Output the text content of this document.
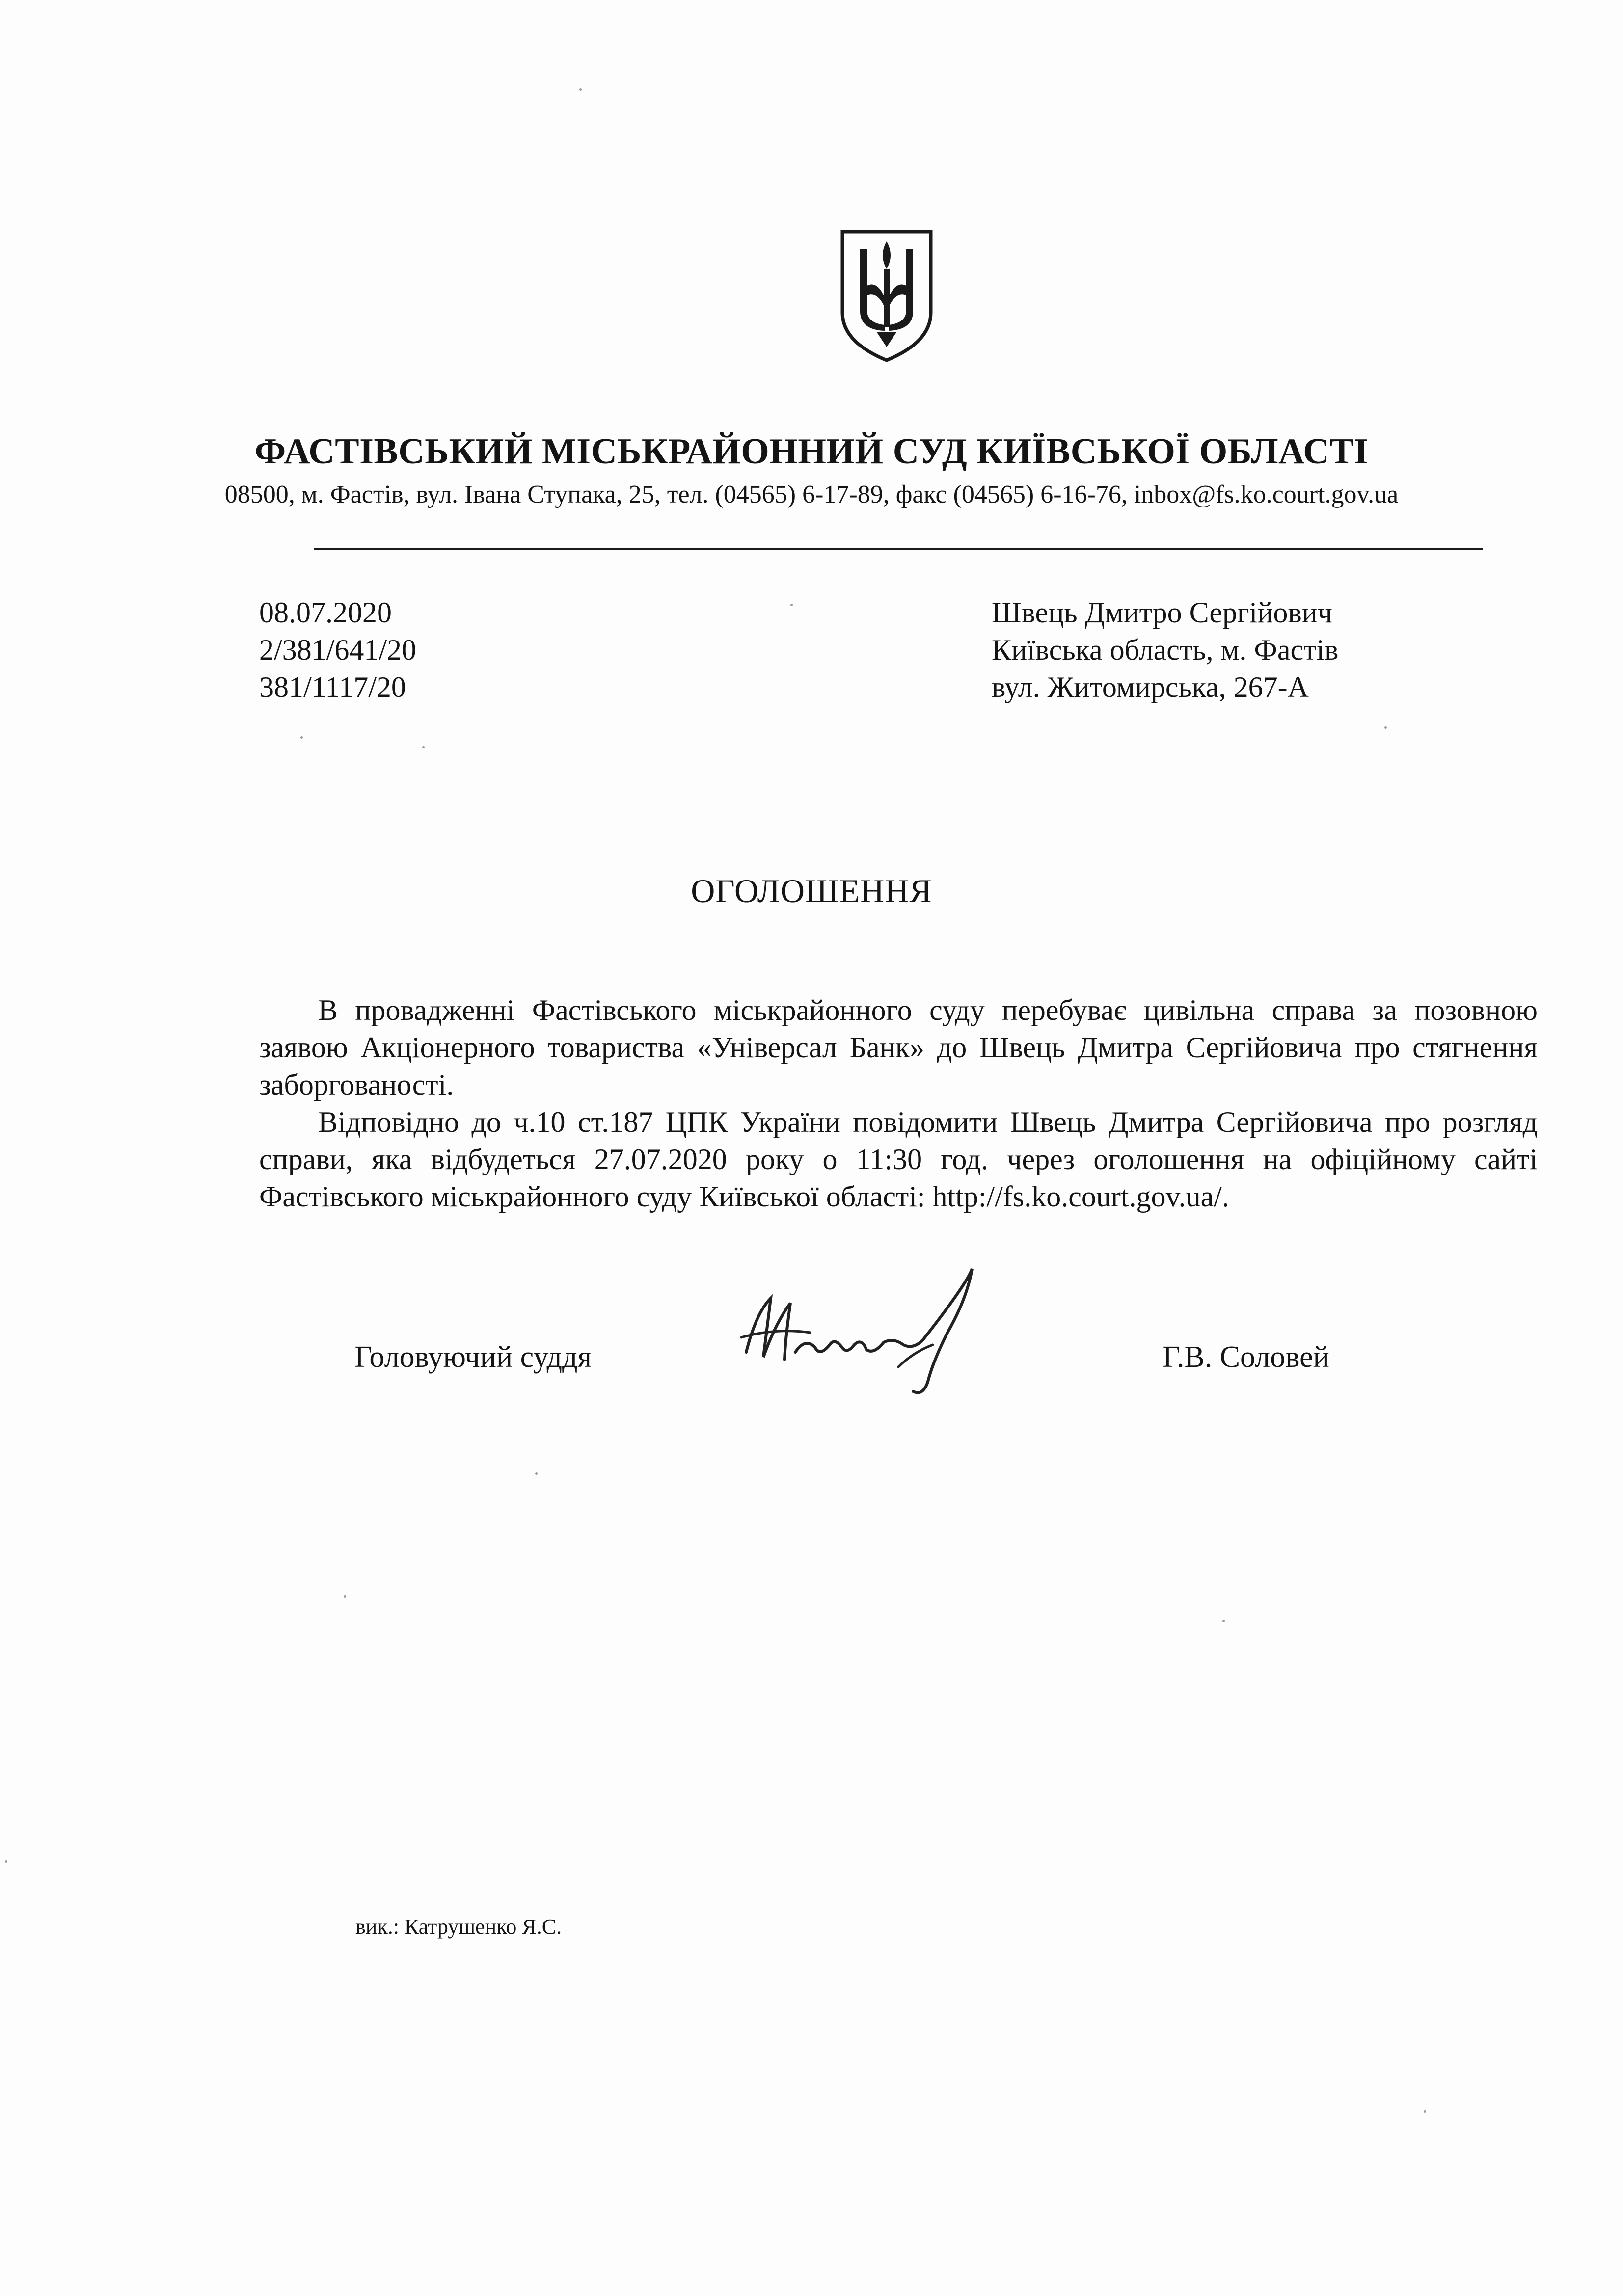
ФАСТІВСЬКИЙ МІСЬКРАЙОННИЙ СУД КИЇВСЬКОЇ ОБЛАСТІ
08500, м. Фастів, вул. Івана Ступака, 25, тел. (04565) 6-17-89, факс (04565) 6-16-76, inbox@fs.ko.court.gov.ua
08.07.2020
2/381/641/20
381/1117/20
Швець Дмитро Сергійович
Київська область, м. Фастів
вул. Житомирська, 267-А
ОГОЛОШЕННЯ

В провадженні Фастівського міськрайонного суду перебуває цивільна справа за позовною заявою Акціонерного товариства «Універсал Банк» до Швець Дмитра Сергійовича про стягнення заборгованості.

Відповідно до ч.10 ст.187 ЦПК України повідомити Швець Дмитра Сергійовича про розгляд справи, яка відбудеться 27.07.2020 року о 11:30 год. через оголошення на офіційному сайті Фастівського міськрайонного суду Київської області: http://fs.ko.court.gov.ua/.

Головуючий суддя	Г.В. Соловей
вик.: Катрушенко Я.С.
